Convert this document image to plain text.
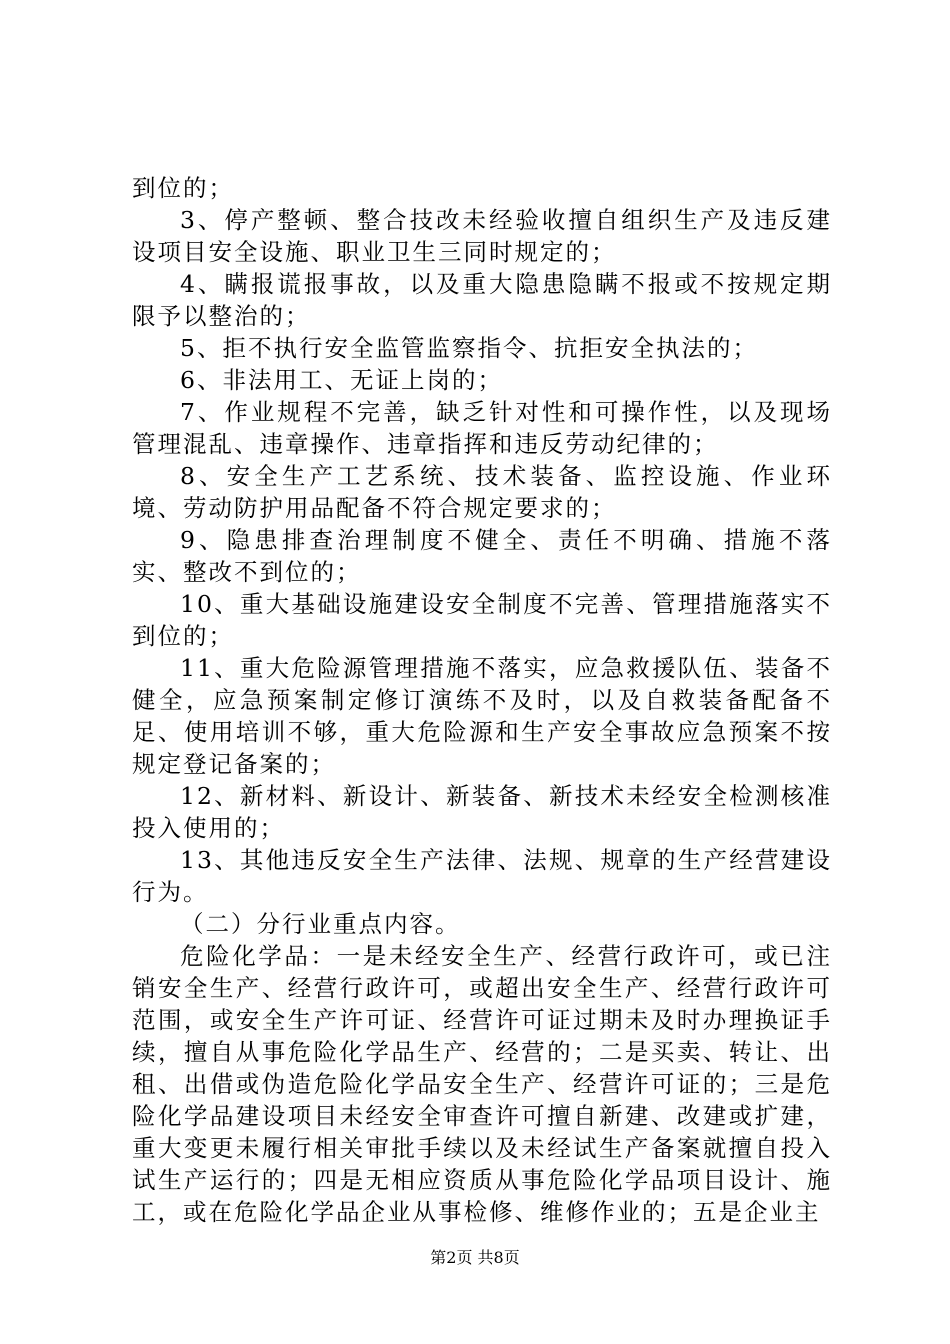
到位的；

3、停产整顿、整合技改未经验收擅自组织生产及违反建设项目安全设施、职业卫生三同时规定的；

4、瞒报谎报事故，以及重大隐患隐瞒不报或不按规定期限予以整治的；

5、拒不执行安全监管监察指令、抗拒安全执法的；

6、非法用工、无证上岗的；

7、作业规程不完善，缺乏针对性和可操作性，以及现场管理混乱、违章操作、违章指挥和违反劳动纪律的；

8、安全生产工艺系统、技术装备、监控设施、作业环境、劳动防护用品配备不符合规定要求的；

9、隐患排查治理制度不健全、责任不明确、措施不落实、整改不到位的；

10、重大基础设施建设安全制度不完善、管理措施落实不到位的；

11、重大危险源管理措施不落实，应急救援队伍、装备不健全，应急预案制定修订演练不及时，以及自救装备配备不足、使用培训不够，重大危险源和生产安全事故应急预案不按规定登记备案的；

12、新材料、新设计、新装备、新技术未经安全检测核准投入使用的；

13、其他违反安全生产法律、法规、规章的生产经营建设行为。

（二）分行业重点内容。

危险化学品：一是未经安全生产、经营行政许可，或已注销安全生产、经营行政许可，或超出安全生产、经营行政许可范围，或安全生产许可证、经营许可证过期未及时办理换证手续，擅自从事危险化学品生产、经营的；二是买卖、转让、出租、出借或伪造危险化学品安全生产、经营许可证的；三是危险化学品建设项目未经安全审查许可擅自新建、改建或扩建，重大变更未履行相关审批手续以及未经试生产备案就擅自投入试生产运行的；四是无相应资质从事危险化学品项目设计、施工，或在危险化学品企业从事检修、维修作业的；五是企业主

第2页 共8页
